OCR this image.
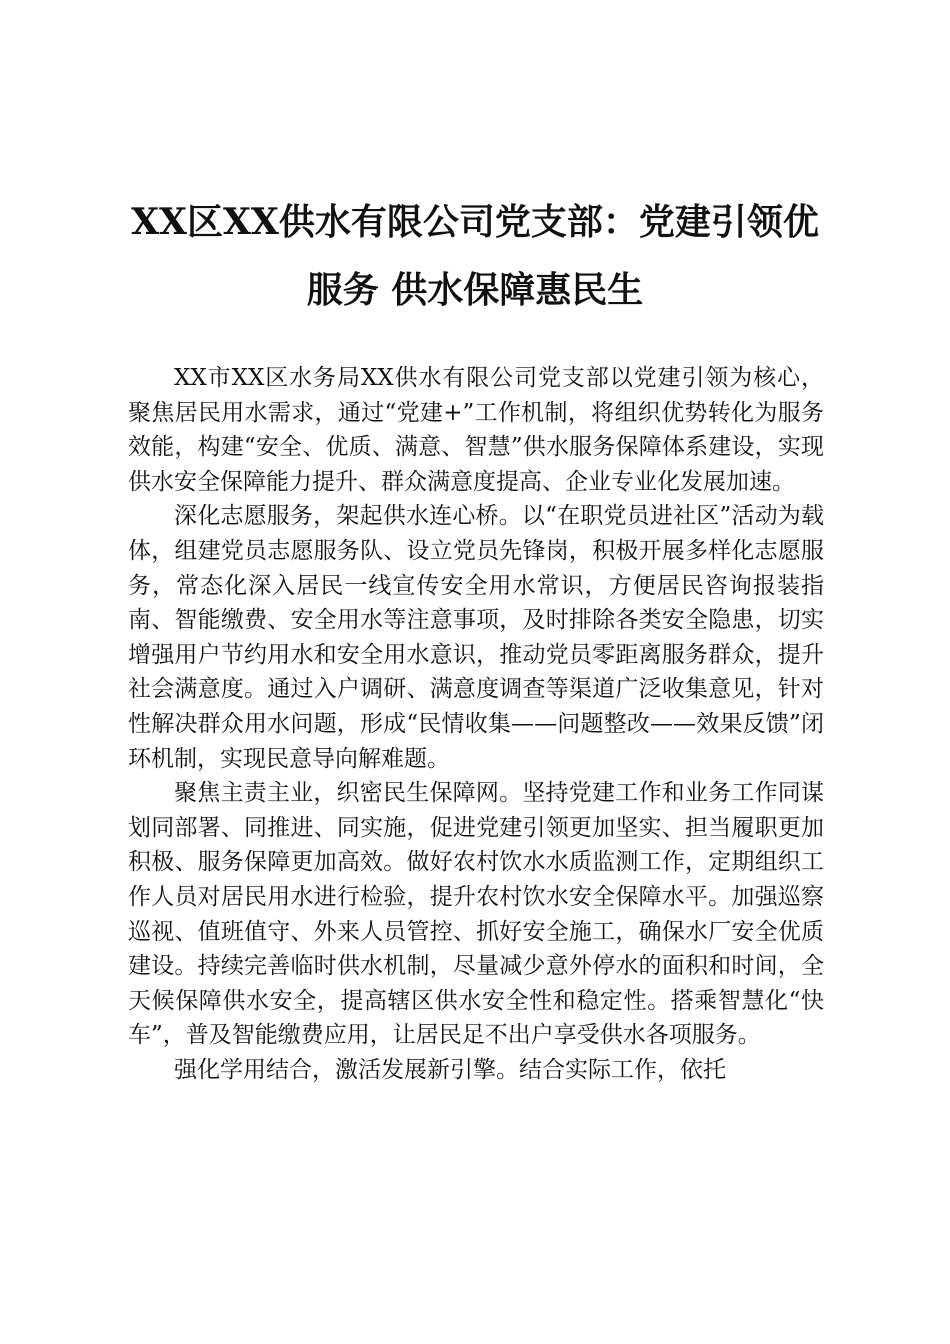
XX区XX供水有限公司党支部：党建引领优
服务 供水保障惠民生

XX市XX区水务局XX供水有限公司党支部以党建引领为核心，聚焦居民用水需求，通过“党建+”工作机制，将组织优势转化为服务效能，构建“安全、优质、满意、智慧”供水服务保障体系建设，实现供水安全保障能力提升、群众满意度提高、企业专业化发展加速。

深化志愿服务，架起供水连心桥。以“在职党员进社区”活动为载体，组建党员志愿服务队、设立党员先锋岗，积极开展多样化志愿服务，常态化深入居民一线宣传安全用水常识，方便居民咨询报装指南、智能缴费、安全用水等注意事项，及时排除各类安全隐患，切实增强用户节约用水和安全用水意识，推动党员零距离服务群众，提升社会满意度。通过入户调研、满意度调查等渠道广泛收集意见，针对性解决群众用水问题，形成“民情收集——问题整改——效果反馈”闭环机制，实现民意导向解难题。

聚焦主责主业，织密民生保障网。坚持党建工作和业务工作同谋划同部署、同推进、同实施，促进党建引领更加坚实、担当履职更加积极、服务保障更加高效。做好农村饮水水质监测工作，定期组织工作人员对居民用水进行检验，提升农村饮水安全保障水平。加强巡察巡视、值班值守、外来人员管控、抓好安全施工，确保水厂安全优质建设。持续完善临时供水机制，尽量减少意外停水的面积和时间，全天候保障供水安全，提高辖区供水安全性和稳定性。搭乘智慧化“快车”，普及智能缴费应用，让居民足不出户享受供水各项服务。

强化学用结合，激活发展新引擎。结合实际工作，依托
